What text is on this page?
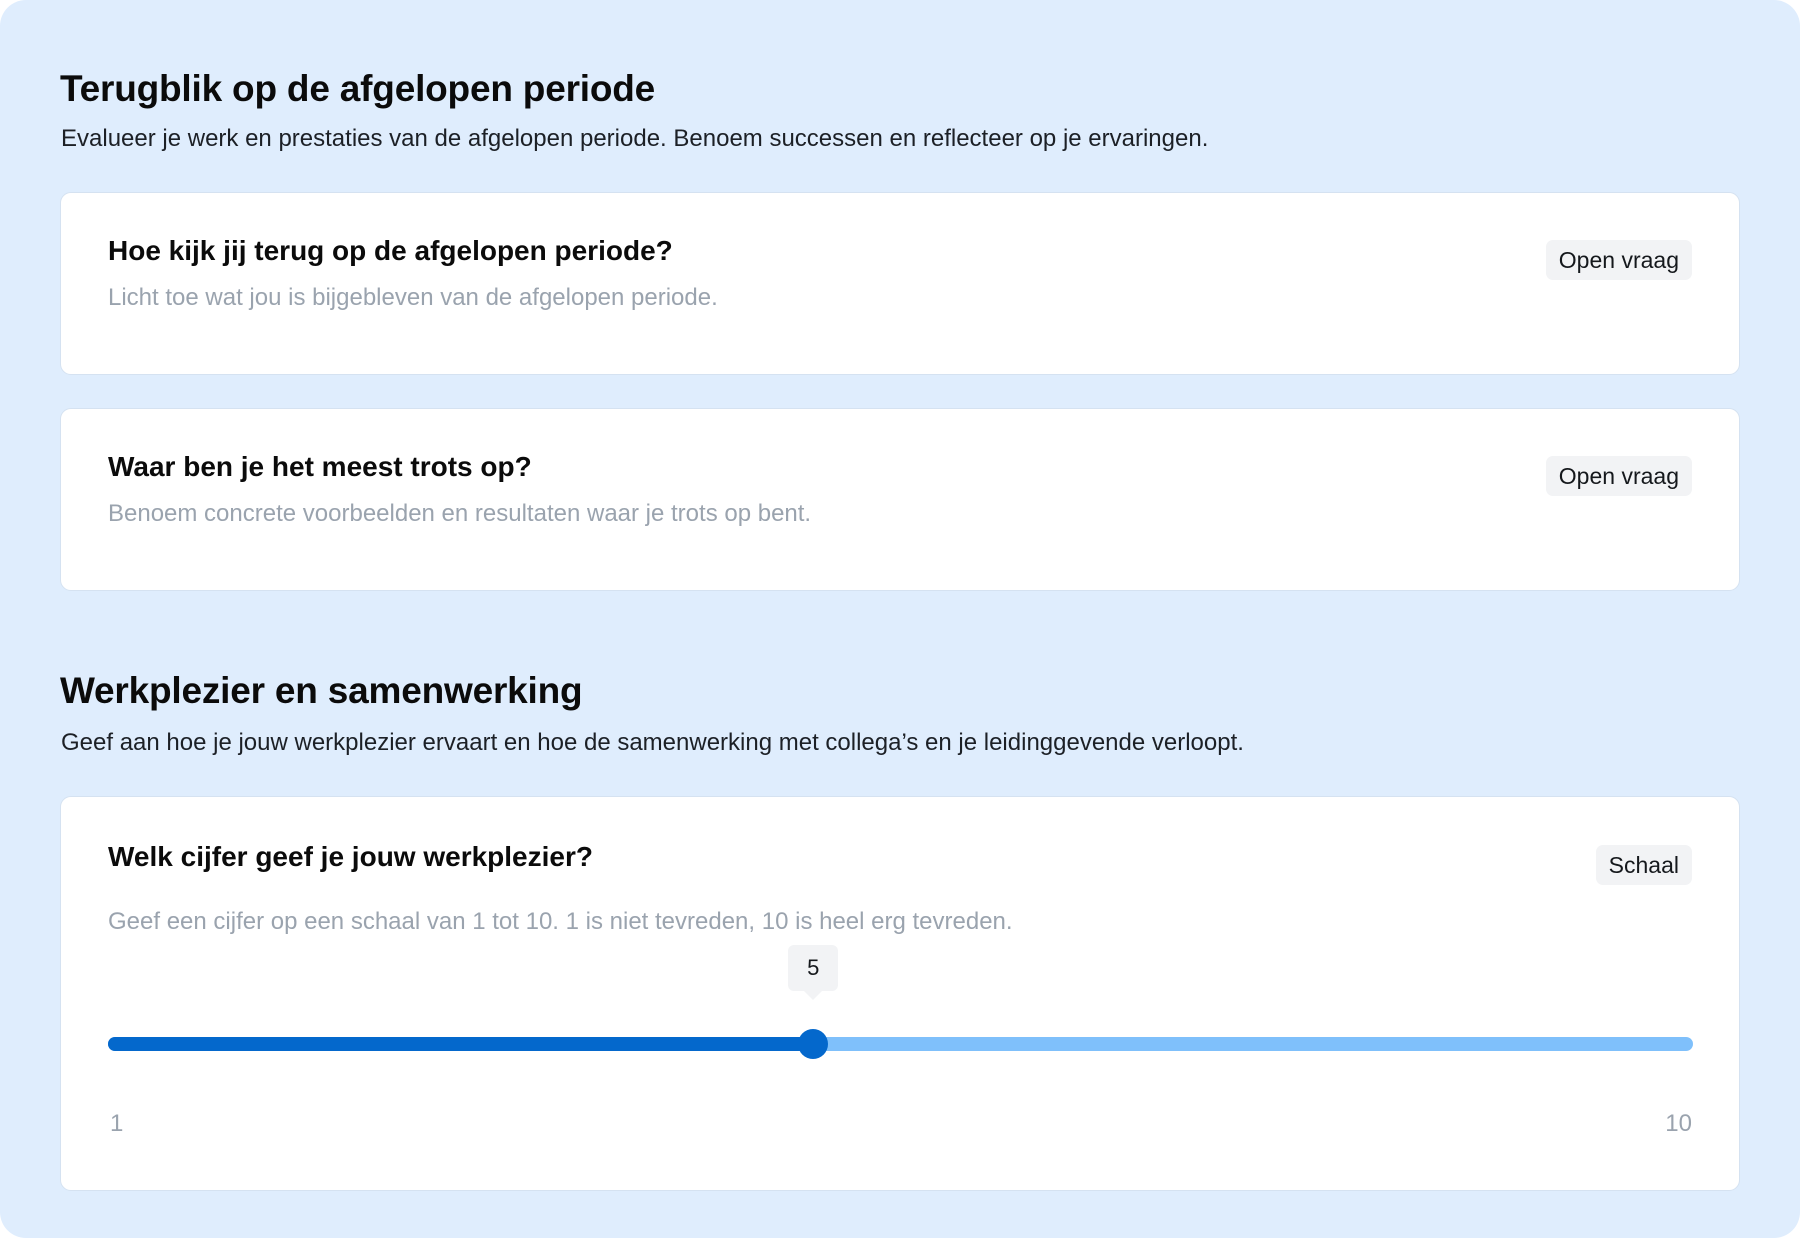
Terugblik op de afgelopen periode

Evalueer je werk en prestaties van de afgelopen periode. Benoem successen en reflecteer op je ervaringen.

Hoe kijk jij terug op de afgelopen periode?

Licht toe wat jou is bijgebleven van de afgelopen periode.

Open vraag
Waar ben je het meest trots op?

Benoem concrete voorbeelden en resultaten waar je trots op bent.

Open vraag
Werkplezier en samenwerking

Geef aan hoe je jouw werkplezier ervaart en hoe de samenwerking met collega’s en je leidinggevende verloopt.

Welk cijfer geef je jouw werkplezier?

Geef een cijfer op een schaal van 1 tot 10. 1 is niet tevreden, 10 is heel erg tevreden.

Schaal
5
1	10
